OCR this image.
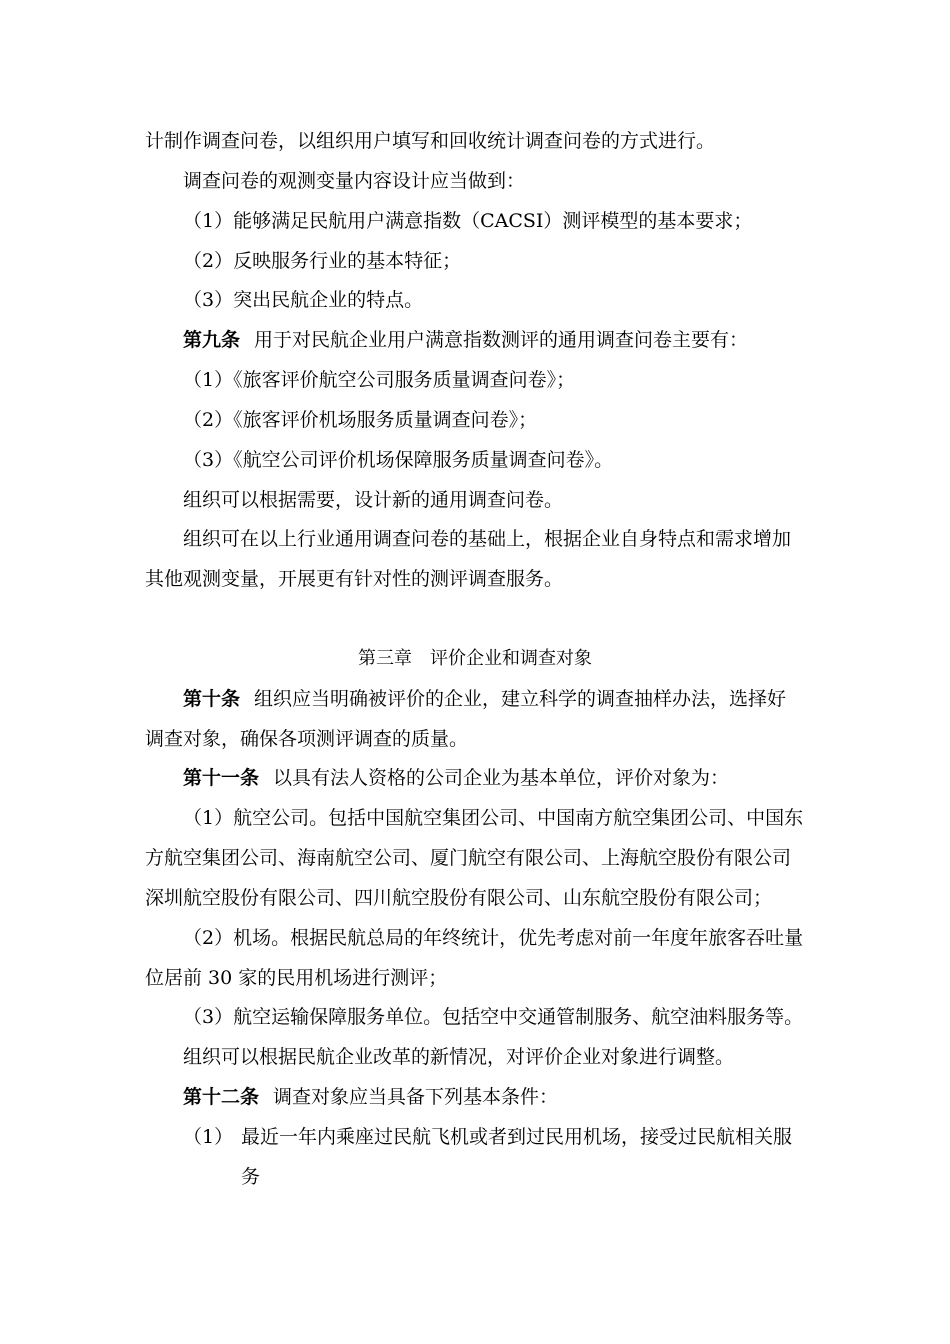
计制作调查问卷，以组织用户填写和回收统计调查问卷的方式进行。
调查问卷的观测变量内容设计应当做到：
（1）能够满足民航用户满意指数（CACSI）测评模型的基本要求；
（2）反映服务行业的基本特征；
（3）突出民航企业的特点。
第九条 用于对民航企业用户满意指数测评的通用调查问卷主要有：
（1）《旅客评价航空公司服务质量调查问卷》；
（2）《旅客评价机场服务质量调查问卷》；
（3）《航空公司评价机场保障服务质量调查问卷》。
组织可以根据需要，设计新的通用调查问卷。
组织可在以上行业通用调查问卷的基础上，根据企业自身特点和需求增加
其他观测变量，开展更有针对性的测评调查服务。
第三章　评价企业和调查对象
第十条 组织应当明确被评价的企业，建立科学的调查抽样办法，选择好
调查对象，确保各项测评调查的质量。
第十一条 以具有法人资格的公司企业为基本单位，评价对象为：
（1）航空公司。包括中国航空集团公司、中国南方航空集团公司、中国东
方航空集团公司、海南航空公司、厦门航空有限公司、上海航空股份有限公司
深圳航空股份有限公司、四川航空股份有限公司、山东航空股份有限公司；
（2）机场。根据民航总局的年终统计，优先考虑对前一年度年旅客吞吐量
位居前 30 家的民用机场进行测评；
（3）航空运输保障服务单位。包括空中交通管制服务、航空油料服务等。
组织可以根据民航企业改革的新情况，对评价企业对象进行调整。
第十二条 调查对象应当具备下列基本条件：
（1） 最近一年内乘座过民航飞机或者到过民用机场，接受过民航相关服
务
